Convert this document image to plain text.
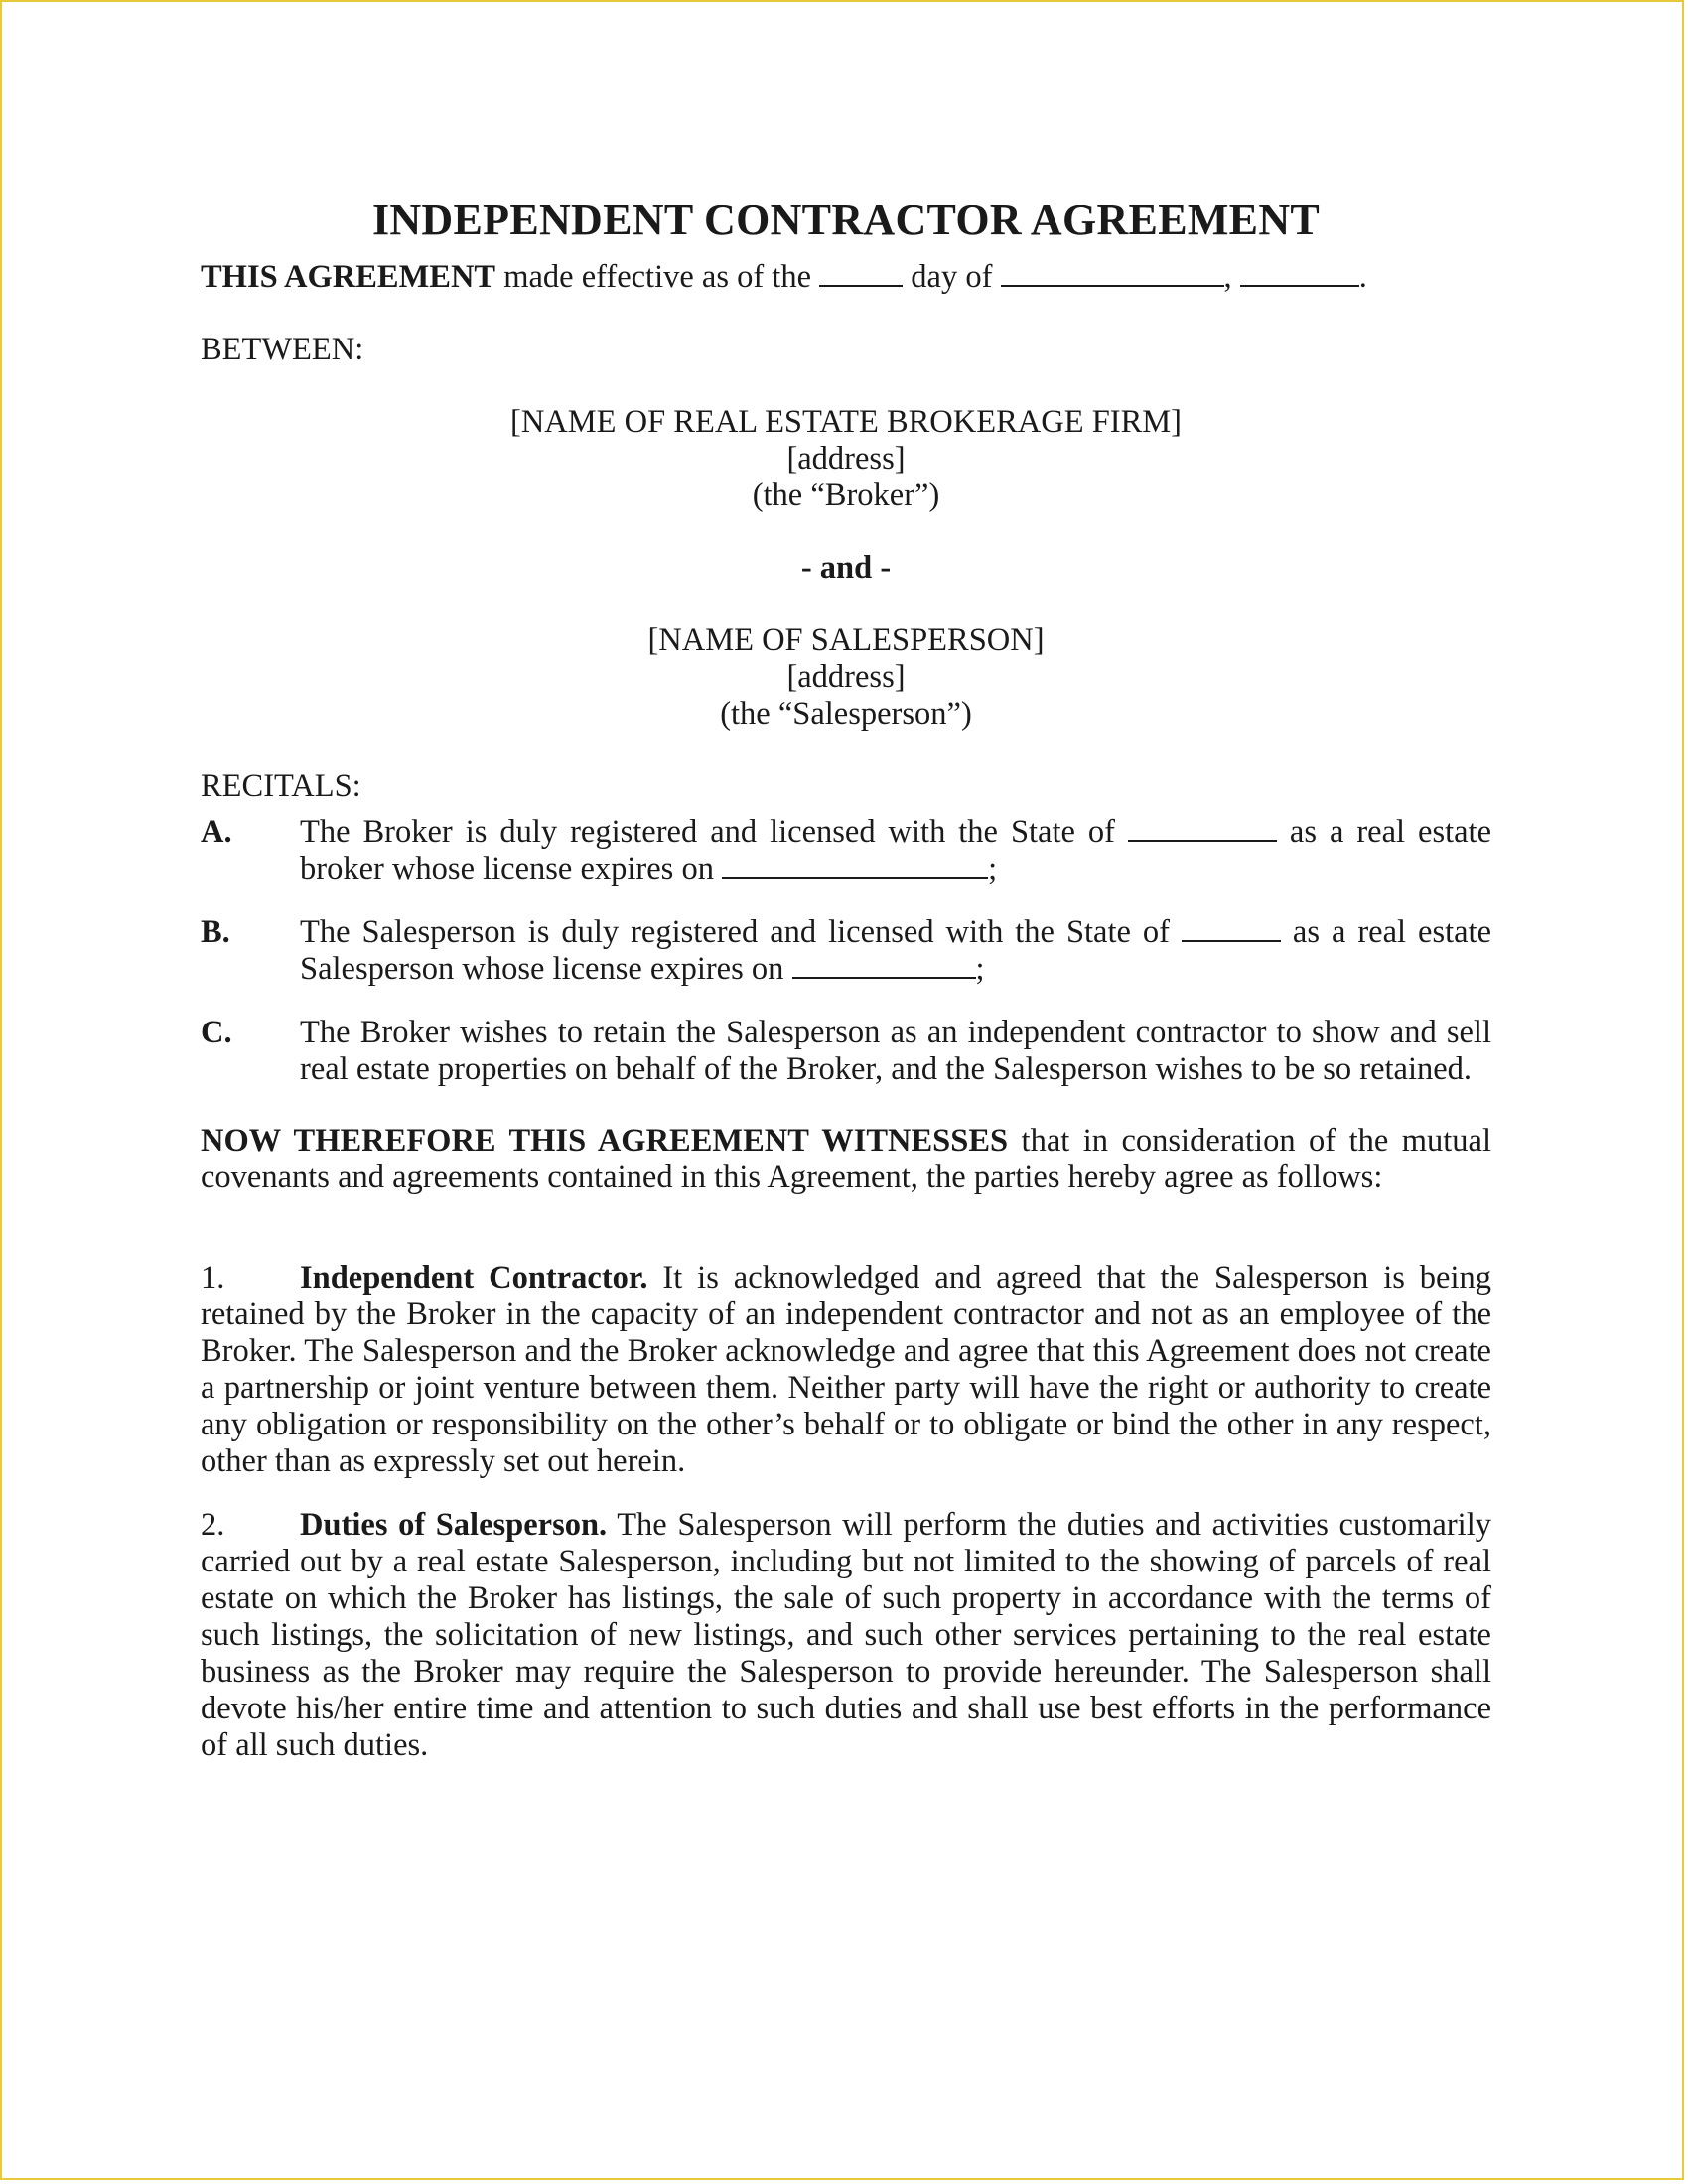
INDEPENDENT CONTRACTOR AGREEMENT

THIS AGREEMENT made effective as of the	day of	,	.

BETWEEN:

[NAME OF REAL ESTATE BROKERAGE FIRM]

[address]

(the “Broker”)

- and -

[NAME OF SALESPERSON]

[address]

(the “Salesperson”)

RECITALS:

A. The Broker is duly registered and licensed with the State of	as a real estate broker whose license expires on	;
B. The Salesperson is duly registered and licensed with the State of	as a real estate Salesperson whose license expires on	;
C. The Broker wishes to retain the Salesperson as an independent contractor to show and sell real estate properties on behalf of the Broker, and the Salesperson wishes to be so retained.

NOW THEREFORE THIS AGREEMENT WITNESSES that in consideration of the mutual covenants and agreements contained in this Agreement, the parties hereby agree as follows:

1. Independent Contractor. It is acknowledged and agreed that the Salesperson is being retained by the Broker in the capacity of an independent contractor and not as an employee of the Broker. The Salesperson and the Broker acknowledge and agree that this Agreement does not create a partnership or joint venture between them. Neither party will have the right or authority to create any obligation or responsibility on the other’s behalf or to obligate or bind the other in any respect, other than as expressly set out herein.

2. Duties of Salesperson. The Salesperson will perform the duties and activities customarily carried out by a real estate Salesperson, including but not limited to the showing of parcels of real estate on which the Broker has listings, the sale of such property in accordance with the terms of such listings, the solicitation of new listings, and such other services pertaining to the real estate business as the Broker may require the Salesperson to provide hereunder. The Salesperson shall devote his/her entire time and attention to such duties and shall use best efforts in the performance of all such duties.
